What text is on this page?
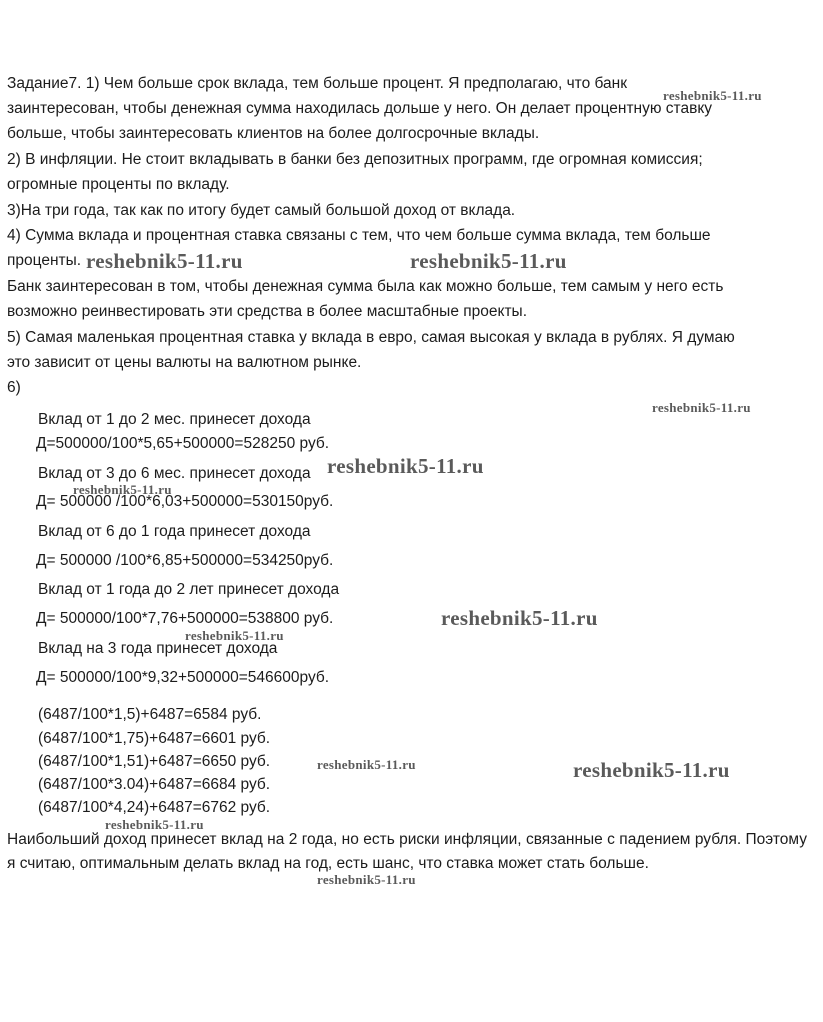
Задание7. 1) Чем больше срок вклада, тем больше процент. Я предполагаю, что банк
заинтересован, чтобы денежная сумма находилась дольше у него. Он делает процентную ставку
больше, чтобы заинтересовать клиентов на более долгосрочные вклады.
2) В инфляции. Не стоит вкладывать в банки без депозитных программ, где огромная комиссия;
огромные проценты по вкладу.
3)На три года, так как по итогу будет самый большой доход от вклада.
4) Сумма вклада и процентная ставка связаны с тем, что чем больше сумма вклада, тем больше
проценты.
Банк заинтересован в том, чтобы денежная сумма была как можно больше, тем самым у него есть
возможно реинвестировать эти средства в более масштабные проекты.
5) Самая маленькая процентная ставка у вклада в евро, самая высокая у вклада в рублях. Я думаю
это зависит от цены валюты на валютном рынке.
6)
Вклад от 1 до 2 мес. принесет дохода
Д=500000/100*5,65+500000=528250 руб.
Вклад от 3 до 6 мес. принесет дохода
Д= 500000 /100*6,03+500000=530150руб.
Вклад от 6 до 1 года принесет дохода
Д= 500000 /100*6,85+500000=534250руб.
Вклад от 1 года до 2 лет принесет дохода
Д= 500000/100*7,76+500000=538800 руб.
Вклад на 3 года принесет дохода
Д= 500000/100*9,32+500000=546600руб.
(6487/100*1,5)+6487=6584 руб.
(6487/100*1,75)+6487=6601 руб.
(6487/100*1,51)+6487=6650 руб.
(6487/100*3.04)+6487=6684 руб.
(6487/100*4,24)+6487=6762 руб.
Наибольший доход принесет вклад на 2 года, но есть риски инфляции, связанные с падением рубля. Поэтому я считаю, оптимальным делать вклад на год, есть шанс, что ставка может стать больше.
reshebnik5-11.ru
reshebnik5-11.ru	reshebnik5-11.ru
reshebnik5-11.ru
reshebnik5-11.ru
reshebnik5-11.ru
reshebnik5-11.ru
reshebnik5-11.ru
reshebnik5-11.ru	reshebnik5-11.ru
reshebnik5-11.ru
reshebnik5-11.ru
